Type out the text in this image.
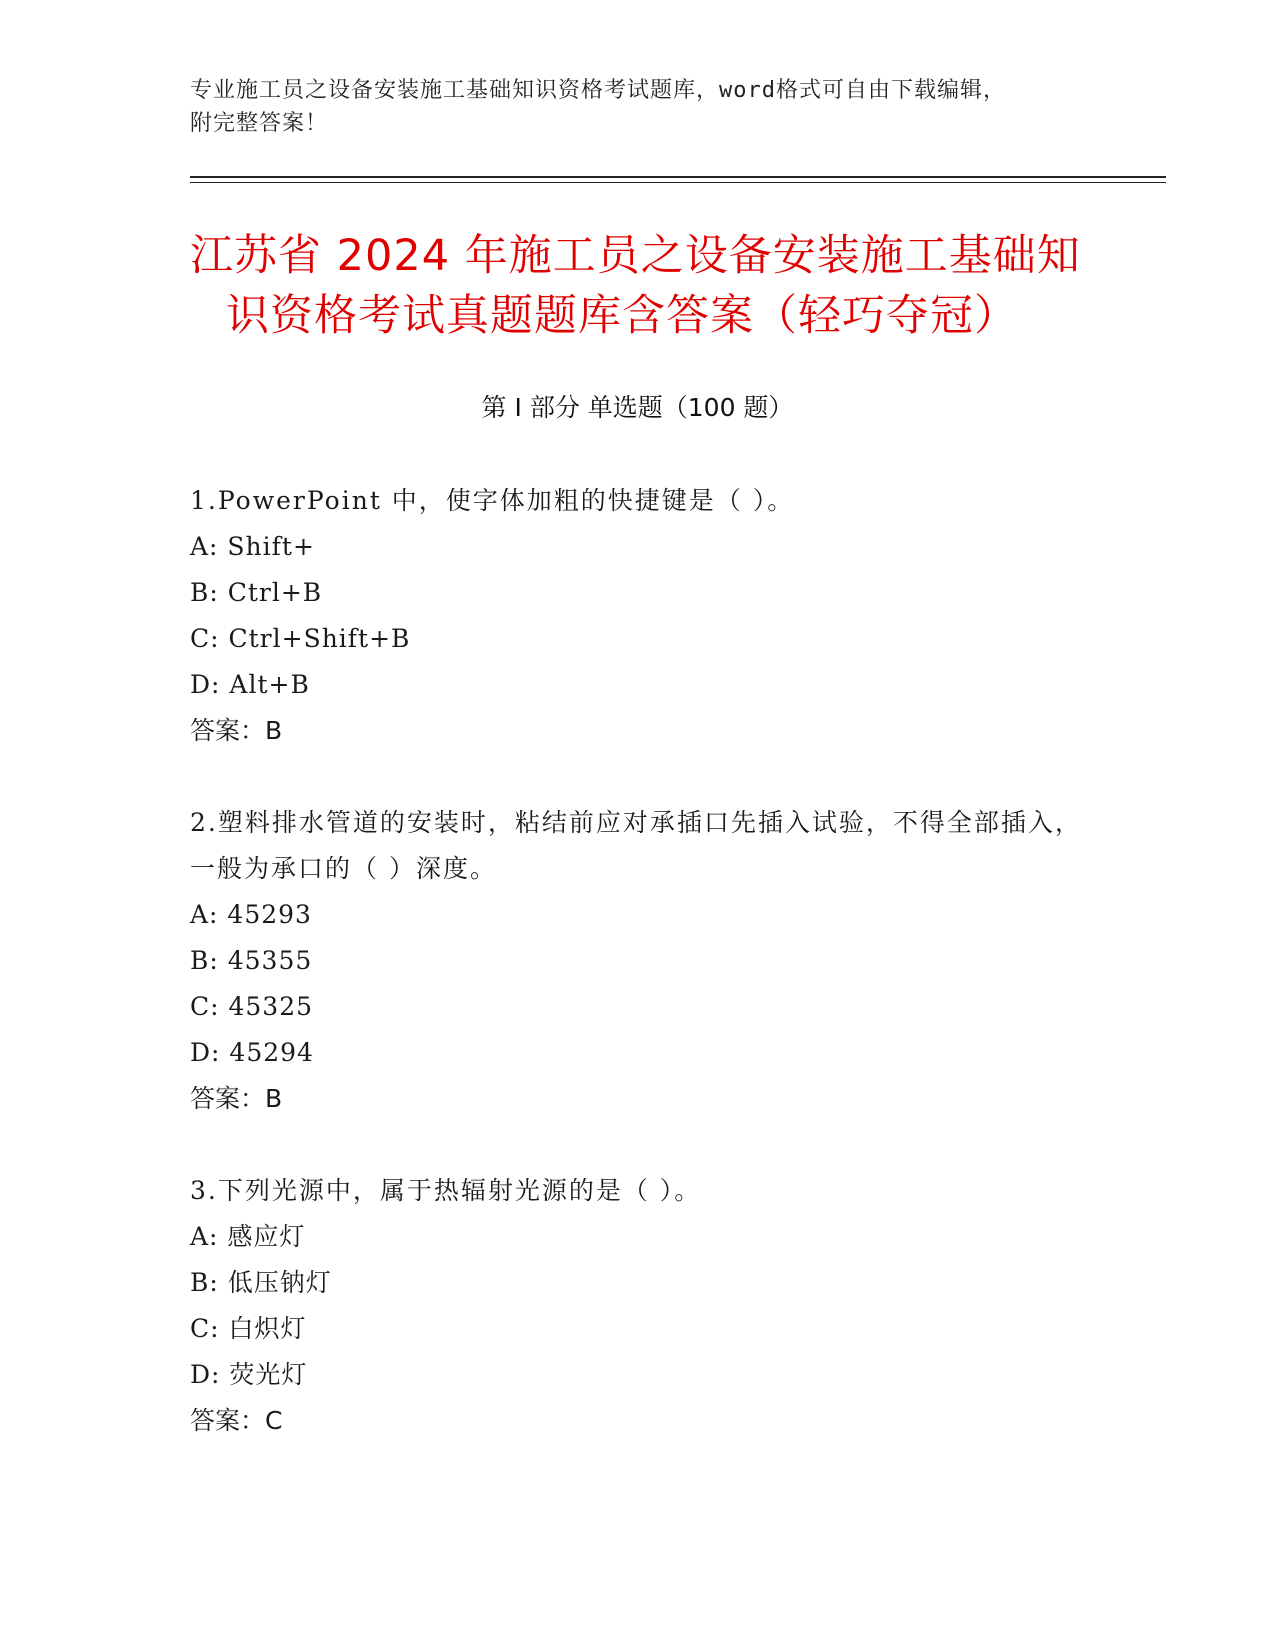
专业施工员之设备安装施工基础知识资格考试题库，word格式可自由下载编辑，
附完整答案！
江苏省 2024 年施工员之设备安装施工基础知
识资格考试真题题库含答案（轻巧夺冠）
第 I 部分 单选题（100 题）

1.PowerPoint 中，使字体加粗的快捷键是（ ）。

A: Shift+

B: Ctrl+B

C: Ctrl+Shift+B

D: Alt+B

答案：B

2.塑料排水管道的安装时，粘结前应对承插口先插入试验，不得全部插入，一般为承口的（ ）深度。

A: 45293

B: 45355

C: 45325

D: 45294

答案：B

3.下列光源中，属于热辐射光源的是（ ）。

A: 感应灯

B: 低压钠灯

C: 白炽灯

D: 荧光灯

答案：C
